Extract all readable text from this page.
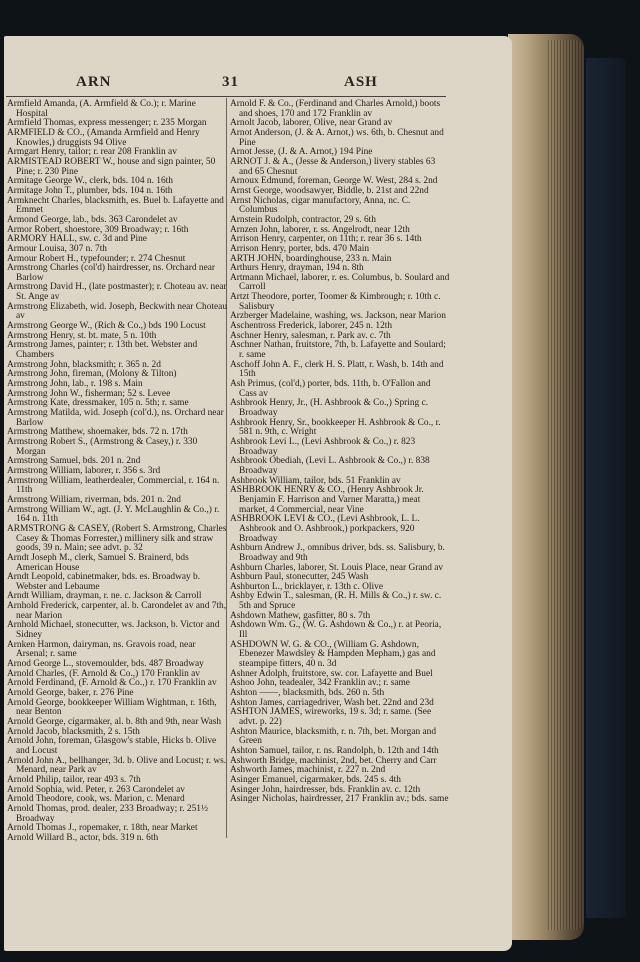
ARN	31	ASH

Armfield Amanda, (A. Armfield & Co.); r. Marine Hospital

Armfield Thomas, express messenger; r. 235 Morgan

ARMFIELD & CO., (Amanda Armfield and Henry Knowles,) druggists 94 Olive

Armgart Henry, tailor; r. rear 208 Franklin av

ARMISTEAD ROBERT W., house and sign painter, 50 Pine; r. 230 Pine

Armitage George W., clerk, bds. 104 n. 16th

Armitage John T., plumber, bds. 104 n. 16th

Armknecht Charles, blacksmith, es. Buel b. Lafayette and Emmet

Armond George, lab., bds. 363 Carondelet av

Armor Robert, shoestore, 309 Broadway; r. 16th

ARMORY HALL, sw. c. 3d and Pine

Armour Louisa, 307 n. 7th

Armour Robert H., typefounder; r. 274 Chesnut

Armstrong Charles (col'd) hairdresser, ns. Orchard near Barlow

Armstrong David H., (late postmaster); r. Choteau av. near St. Ange av

Armstrong Elizabeth, wid. Joseph, Beckwith near Choteau av

Armstrong George W., (Rich & Co.,) bds 190 Locust

Armstrong Henry, st. bt. mate, 5 n. 10th

Armstrong James, painter; r. 13th bet. Webster and Chambers

Armstrong John, blacksmith; r. 365 n. 2d

Armstrong John, fireman, (Molony & Tilton)

Armstrong John, lab., r. 198 s. Main

Armstrong John W., fisherman; 52 s. Levee

Armstrong Kate, dressmaker, 105 n. 5th; r. same

Armstrong Matilda, wid. Joseph (col'd.), ns. Orchard near Barlow

Armstrong Matthew, shoemaker, bds. 72 n. 17th

Armstrong Robert S., (Armstrong & Casey,) r. 330 Morgan

Armstrong Samuel, bds. 201 n. 2nd

Armstrong William, laborer, r. 356 s. 3rd

Armstrong William, leatherdealer, Commercial, r. 164 n. 11th

Armstrong William, riverman, bds. 201 n. 2nd

Armstrong William W., agt. (J. Y. McLaughlin & Co.,) r. 164 n. 11th

ARMSTRONG & CASEY, (Robert S. Armstrong, Charles Casey & Thomas Forrester,) millinery silk and straw goods, 39 n. Main; see advt. p. 32

Arndt Joseph M., clerk, Samuel S. Brainerd, bds American House

Arndt Leopold, cabinetmaker, bds. es. Broadway b. Webster and Lebaume

Arndt William, drayman, r. ne. c. Jackson & Carroll

Arnhold Frederick, carpenter, al. b. Carondelet av and 7th, near Marion

Arnhold Michael, stonecutter, ws. Jackson, b. Victor and Sidney

Arnken Harmon, dairyman, ns. Gravois road, near Arsenal; r. same

Arnod George L., stovemoulder, bds. 487 Broadway

Arnold Charles, (F. Arnold & Co.,) 170 Franklin av

Arnold Ferdinand, (F. Arnold & Co.,) r. 170 Franklin av

Arnold George, baker, r. 276 Pine

Arnold George, bookkeeper William Wightman, r. 16th, near Benton

Arnold George, cigarmaker, al. b. 8th and 9th, near Wash

Arnold Jacob, blacksmith, 2 s. 15th

Arnold John, foreman, Glasgow's stable, Hicks b. Olive and Locust

Arnold John A., bellhanger, 3d. b. Olive and Locust; r. ws. Menard, near Park av

Arnold Philip, tailor, rear 493 s. 7th

Arnold Sophia, wid. Peter, r. 263 Carondelet av

Arnold Theodore, cook, ws. Marion, c. Menard

Arnold Thomas, prod. dealer, 233 Broadway; r. 251½ Broadway

Arnold Thomas J., ropemaker, r. 18th, near Market

Arnold Willard B., actor, bds. 319 n. 6th

Arnold F. & Co., (Ferdinand and Charles Arnold,) boots and shoes, 170 and 172 Franklin av

Arnolt Jacob, laborer, Olive, near Grand av

Arnot Anderson, (J. & A. Arnot,) ws. 6th, b. Chesnut and Pine

Arnot Jesse, (J. & A. Arnot,) 194 Pine

ARNOT J. & A., (Jesse & Anderson,) livery stables 63 and 65 Chesnut

Arnoux Edmund, foreman, George W. West, 284 s. 2nd

Arnst George, woodsawyer, Biddle, b. 21st and 22nd

Arnst Nicholas, cigar manufactory, Anna, nc. C. Columbus

Arnstein Rudolph, contractor, 29 s. 6th

Arnzen John, laborer, r. ss. Angelrodt, near 12th

Arrison Henry, carpenter, on 11th; r. rear 36 s. 14th

Arrison Henry, porter, bds. 470 Main

ARTH JOHN, boardinghouse, 233 n. Main

Arthurs Henry, drayman, 194 n. 8th

Artmann Michael, laborer, r. es. Columbus, b. Soulard and Carroll

Artzt Theodore, porter, Toomer & Kimbrough; r. 10th c. Salisbury

Arzberger Madelaine, washing, ws. Jackson, near Marion

Aschentross Frederick, laborer, 245 n. 12th

Aschner Henry, salesman, r. Park av. c. 7th

Aschner Nathan, fruitstore, 7th, b. Lafayette and Soulard; r. same

Aschoff John A. F., clerk H. S. Platt, r. Wash, b. 14th and 15th

Ash Primus, (col'd,) porter, bds. 11th, b. O'Fallon and Cass av

Ashbrook Henry, Jr., (H. Ashbrook & Co.,) Spring c. Broadway

Ashbrook Henry, Sr., bookkeeper H. Ashbrook & Co., r. 581 n. 9th, c. Wright

Ashbrook Levi L., (Levi Ashbrook & Co.,) r. 823 Broadway

Ashbrook Obediah, (Levi L. Ashbrook & Co.,) r. 838 Broadway

Ashbrook William, tailor, bds. 51 Franklin av

ASHBROOK HENRY & CO., (Henry Ashbrook Jr. Benjamin F. Harrison and Varner Maratta,) meat market, 4 Commercial, near Vine

ASHBROOK LEVI & CO., (Levi Ashbrook, L. L. Ashbrook and O. Ashbrook,) porkpackers, 920 Broadway

Ashburn Andrew J., omnibus driver, bds. ss. Salisbury, b. Broadway and 9th

Ashburn Charles, laborer, St. Louis Place, near Grand av

Ashburn Paul, stonecutter, 245 Wash

Ashburton L., bricklayer, r. 13th c. Olive

Ashby Edwin T., salesman, (R. H. Mills & Co.,) r. sw. c. 5th and Spruce

Ashdown Mathew, gasfitter, 80 s. 7th

Ashdown Wm. G., (W. G. Ashdown & Co.,) r. at Peoria, Ill

ASHDOWN W. G. & CO., (William G. Ashdown, Ebenezer Mawdsley & Hampden Mepham,) gas and steampipe fitters, 40 n. 3d

Ashner Adolph, fruitstore, sw. cor. Lafayette and Buel

Ashoo John, teadealer, 342 Franklin av.; r. same

Ashton ——, blacksmith, bds. 260 n. 5th

Ashton James, carriagedriver, Wash bet. 22nd and 23d

ASHTON JAMES, wireworks, 19 s. 3d; r. same. (See advt. p. 22)

Ashton Maurice, blacksmith, r. n. 7th, bet. Morgan and Green

Ashton Samuel, tailor, r. ns. Randolph, b. 12th and 14th

Ashworth Bridge, machinist, 2nd, bet. Cherry and Carr

Ashworth James, machinist, r. 227 n. 2nd

Asinger Emanuel, cigarmaker, bds. 245 s. 4th

Asinger John, hairdresser, bds. Franklin av. c. 12th

Asinger Nicholas, hairdresser, 217 Franklin av.; bds. same
